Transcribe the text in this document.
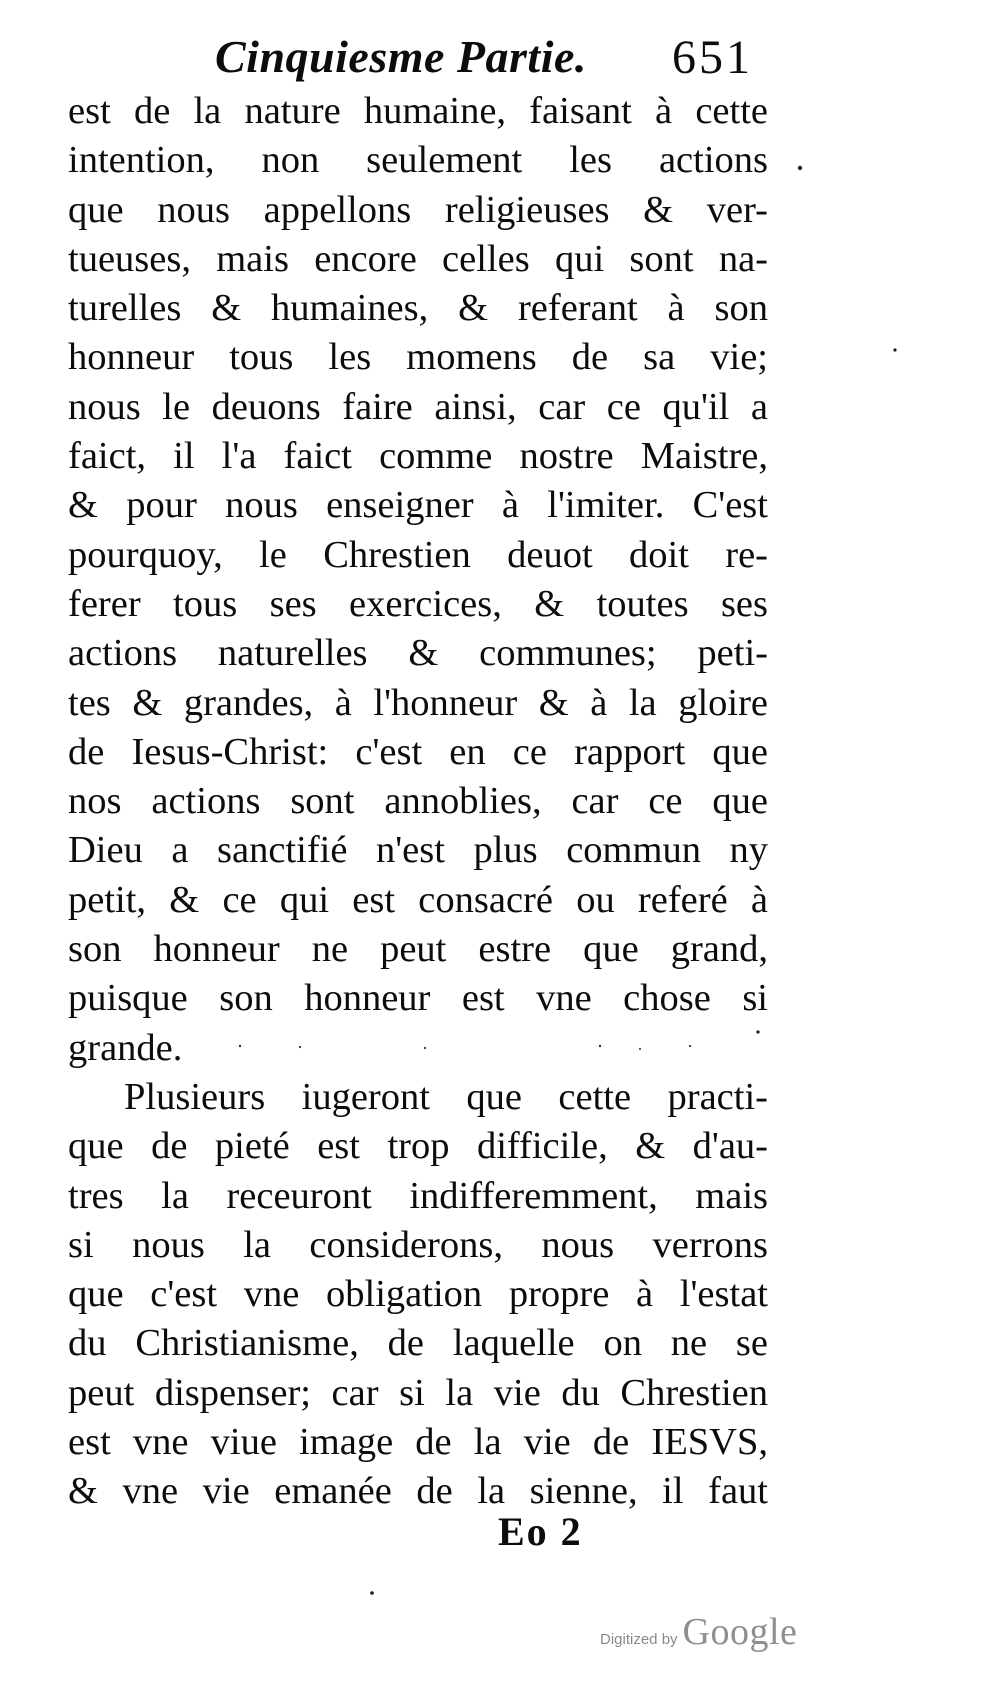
Cinquiesme Partie. 651
est de la nature humaine, faisant à cette
intention, non seulement les actions
que nous appellons religieuses & ver-
tueuses, mais encore celles qui sont na-
turelles & humaines, & referant à son
honneur tous les momens de sa vie;
nous le deuons faire ainsi, car ce qu'il a
faict, il l'a faict comme nostre Maistre,
& pour nous enseigner à l'imiter. C'est
pourquoy, le Chrestien deuot doit re-
ferer tous ses exercices, & toutes ses
actions naturelles & communes; peti-
tes & grandes, à l'honneur & à la gloire
de Iesus-Christ: c'est en ce rapport que
nos actions sont annoblies, car ce que
Dieu a sanctifié n'est plus commun ny
petit, & ce qui est consacré ou referé à
son honneur ne peut estre que grand,
puisque son honneur est vne chose si
grande.
Plusieurs iugeront que cette practi-
que de pieté est trop difficile, & d'au-
tres la receuront indifferemment, mais
si nous la considerons, nous verrons
que c'est vne obligation propre à l'estat
du Christianisme, de laquelle on ne se
peut dispenser; car si la vie du Chrestien
est vne viue image de la vie de IESVS,
& vne vie emanée de la sienne, il faut
Eo 2
Digitized by Google
